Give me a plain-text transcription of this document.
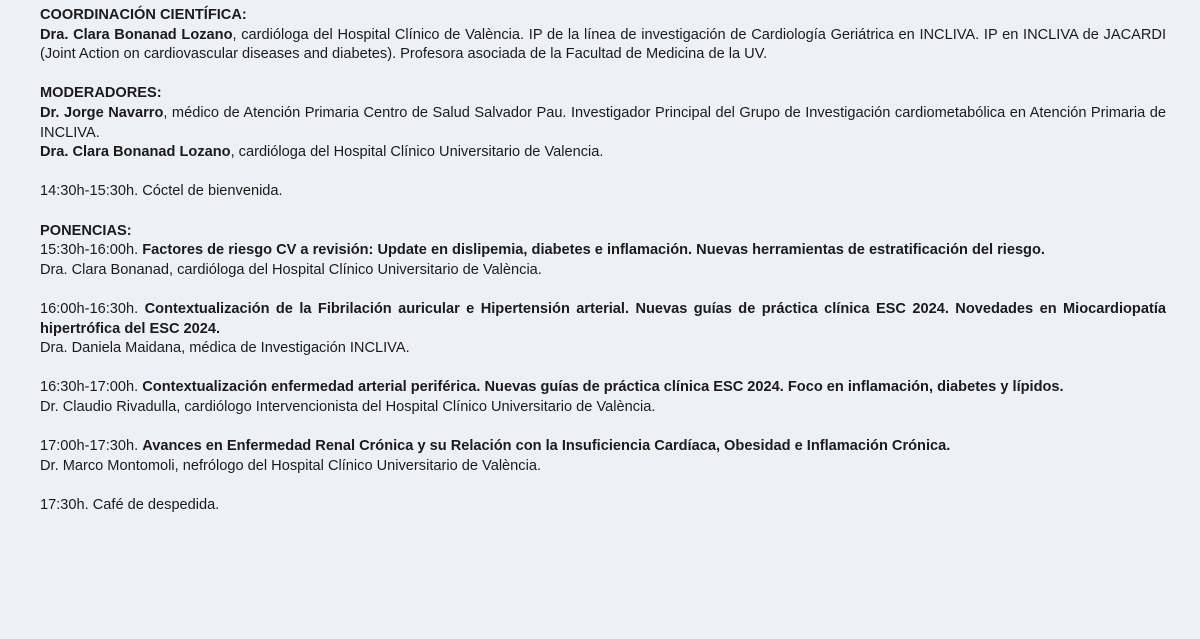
COORDINACIÓN CIENTÍFICA:

Dra. Clara Bonanad Lozano, cardióloga del Hospital Clínico de València. IP de la línea de investigación de Cardiología Geriátrica en INCLIVA. IP en INCLIVA de JACARDI (Joint Action on cardiovascular diseases and diabetes). Profesora asociada de la Facultad de Medicina de la UV.

MODERADORES:

Dr. Jorge Navarro, médico de Atención Primaria Centro de Salud Salvador Pau. Investigador Principal del Grupo de Investigación cardiometabólica en Atención Primaria de INCLIVA.

Dra. Clara Bonanad Lozano, cardióloga del Hospital Clínico Universitario de Valencia.

14:30h-15:30h. Cóctel de bienvenida.

PONENCIAS:

15:30h-16:00h. Factores de riesgo CV a revisión: Update en dislipemia, diabetes e inflamación. Nuevas herramientas de estratificación del riesgo.

Dra. Clara Bonanad, cardióloga del Hospital Clínico Universitario de València.

16:00h-16:30h. Contextualización de la Fibrilación auricular e Hipertensión arterial. Nuevas guías de práctica clínica ESC 2024. Novedades en Miocardiopatía hipertrófica del ESC 2024.

Dra. Daniela Maidana, médica de Investigación INCLIVA.

16:30h-17:00h. Contextualización enfermedad arterial periférica. Nuevas guías de práctica clínica ESC 2024. Foco en inflamación, diabetes y lípidos.

Dr. Claudio Rivadulla, cardiólogo Intervencionista del Hospital Clínico Universitario de València.

17:00h-17:30h. Avances en Enfermedad Renal Crónica y su Relación con la Insuficiencia Cardíaca, Obesidad e Inflamación Crónica.

Dr. Marco Montomoli, nefrólogo del Hospital Clínico Universitario de València.

17:30h. Café de despedida.
